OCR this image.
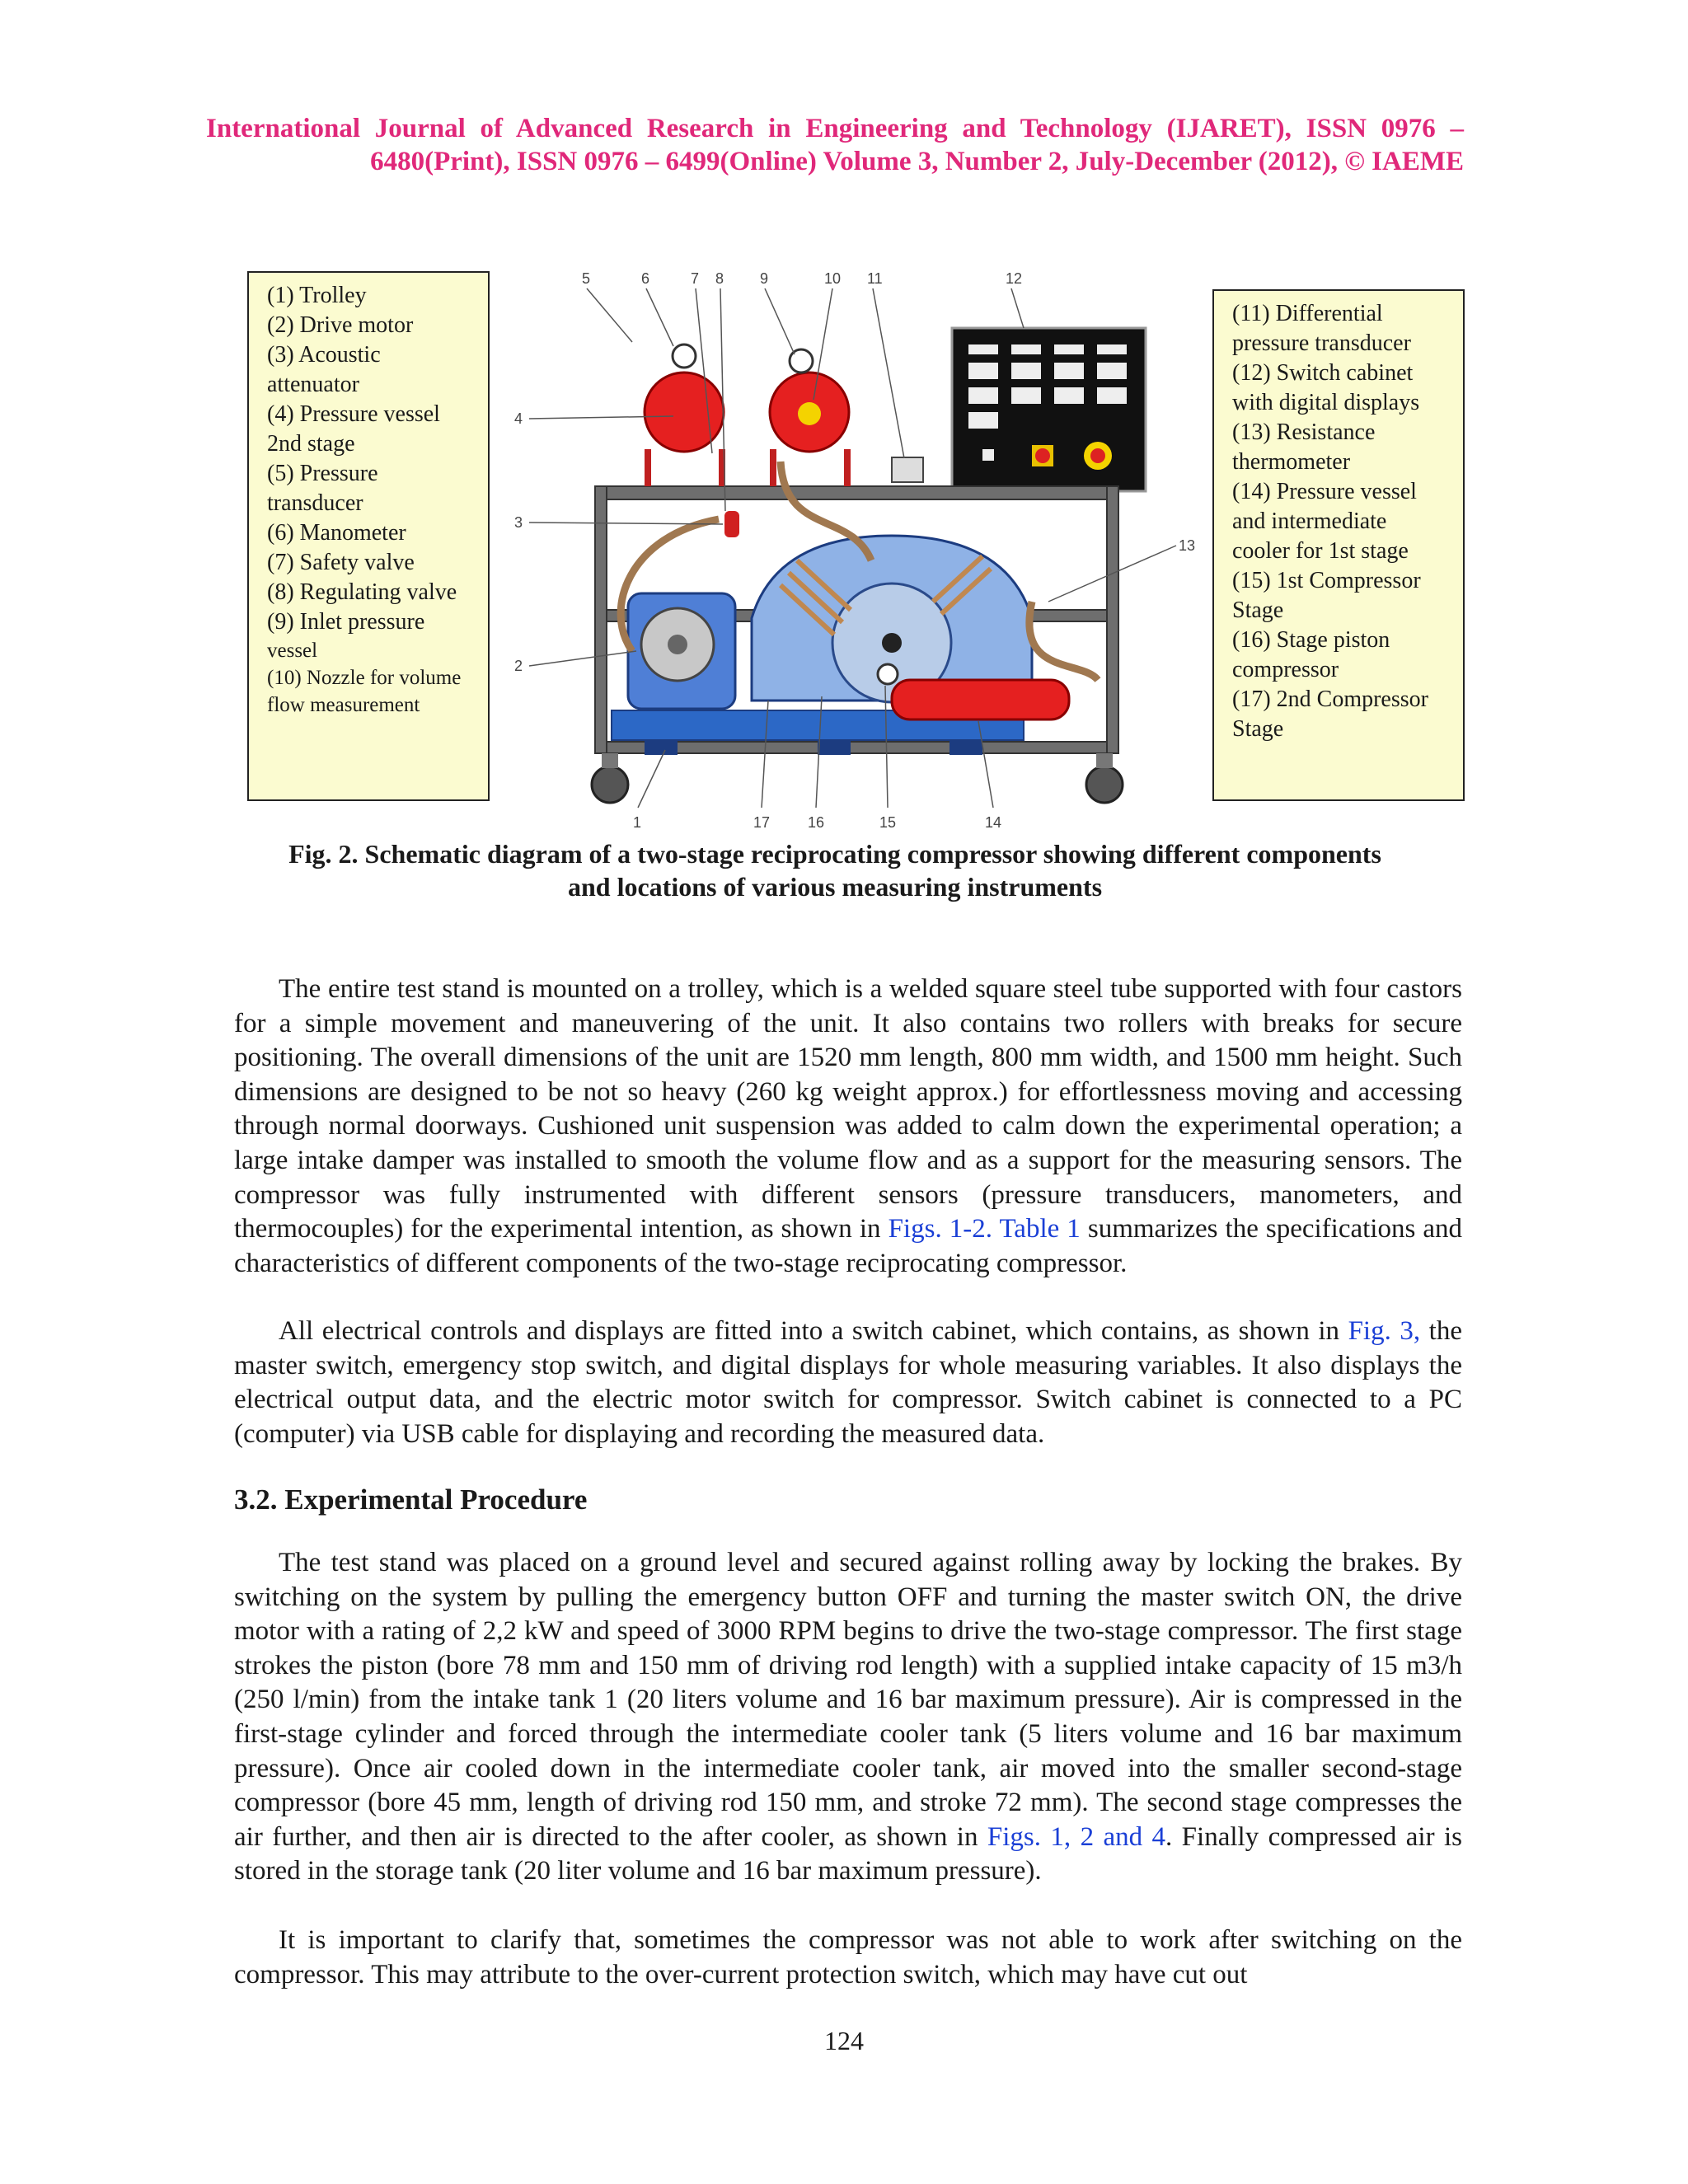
International Journal of Advanced Research in Engineering and Technology (IJARET), ISSN 0976 –
6480(Print), ISSN 0976 – 6499(Online) Volume 3, Number 2, July-December (2012), © IAEME
(1) Trolley
(2) Drive motor
(3) Acoustic attenuator
(4) Pressure vessel 2nd stage
(5) Pressure transducer
(6) Manometer
(7) Safety valve
(8) Regulating valve
(9) Inlet pressure
vessel
(10) Nozzle for volume flow measurement
5	6	7 8 9	10 11	12
4
3
2
13
1	17	16	15	14
(11) Differential pressure transducer
(12) Switch cabinet with digital displays
(13) Resistance thermometer
(14) Pressure vessel and intermediate cooler for 1st stage
(15) 1st Compressor Stage
(16) Stage piston compressor
(17) 2nd Compressor Stage
Fig. 2. Schematic diagram of a two-stage reciprocating compressor showing different components
and locations of various measuring instruments

The entire test stand is mounted on a trolley, which is a welded square steel tube supported with four castors for a simple movement and maneuvering of the unit. It also contains two rollers with breaks for secure positioning. The overall dimensions of the unit are 1520 mm length, 800 mm width, and 1500 mm height. Such dimensions are designed to be not so heavy (260 kg weight approx.) for effortlessness moving and accessing through normal doorways. Cushioned unit suspension was added to calm down the experimental operation; a large intake damper was installed to smooth the volume flow and as a support for the measuring sensors. The compressor was fully instrumented with different sensors (pressure transducers, manometers, and thermocouples) for the experimental intention, as shown in Figs. 1-2. Table 1 summarizes the specifications and characteristics of different components of the two-stage reciprocating compressor.

All electrical controls and displays are fitted into a switch cabinet, which contains, as shown in Fig. 3, the master switch, emergency stop switch, and digital displays for whole measuring variables. It also displays the electrical output data, and the electric motor switch for compressor. Switch cabinet is connected to a PC (computer) via USB cable for displaying and recording the measured data.

3.2. Experimental Procedure

The test stand was placed on a ground level and secured against rolling away by locking the brakes. By switching on the system by pulling the emergency button OFF and turning the master switch ON, the drive motor with a rating of 2,2 kW and speed of 3000 RPM begins to drive the two-stage compressor. The first stage strokes the piston (bore 78 mm and 150 mm of driving rod length) with a supplied intake capacity of 15 m3/h (250 l/min) from the intake tank 1 (20 liters volume and 16 bar maximum pressure). Air is compressed in the first-stage cylinder and forced through the intermediate cooler tank (5 liters volume and 16 bar maximum pressure). Once air cooled down in the intermediate cooler tank, air moved into the smaller second-stage compressor (bore 45 mm, length of driving rod 150 mm, and stroke 72 mm). The second stage compresses the air further, and then air is directed to the after cooler, as shown in Figs. 1, 2 and 4. Finally compressed air is stored in the storage tank (20 liter volume and 16 bar maximum pressure).

It is important to clarify that, sometimes the compressor was not able to work after switching on the compressor. This may attribute to the over-current protection switch, which may have cut out

124
